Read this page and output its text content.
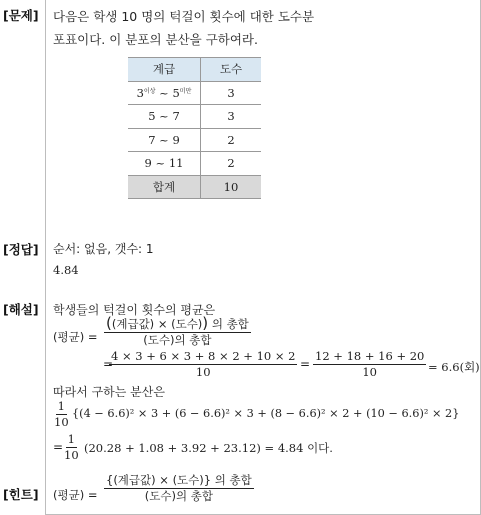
[문제]
[정답]
[해설]
[힌트]
다음은 학생 10 명의 턱걸이 횟수에 대한 도수분
포표이다. 이 분포의 분산을 구하여라.
계급	도수
$3^{이상}$ ~ $5^{미만}$	3
5 ~ 7	3
7 ~ 9	2
9 ~ 11	2
합계	10
순서: 없음, 갯수: 1
4.84
학생들의 턱걸이 횟수의 평균은
(평균) =
((계급값) × (도수)) 의 총합
(도수)의 총합
=
$\frac{4 \times 3 + 6 \times 3 + 8 \times 2 + 10 \times 2}{10} = \frac{12 + 18 + 16 + 20}{10} = 6.6$(회)
따라서 구하는 분산은
$\frac{1}{10} \{(4 - 6.6)^2 \times 3 + (6 - 6.6)^2 \times 3 + (8 - 6.6)^2 \times 2 + (10 - 6.6)^2 \times 2\}$
=
$\frac{1}{10} (20.28 + 1.08 + 3.92 + 23.12) = 4.84$ 이다.
(평균) =
{(계급값) × (도수)} 의 총합
(도수)의 총합
